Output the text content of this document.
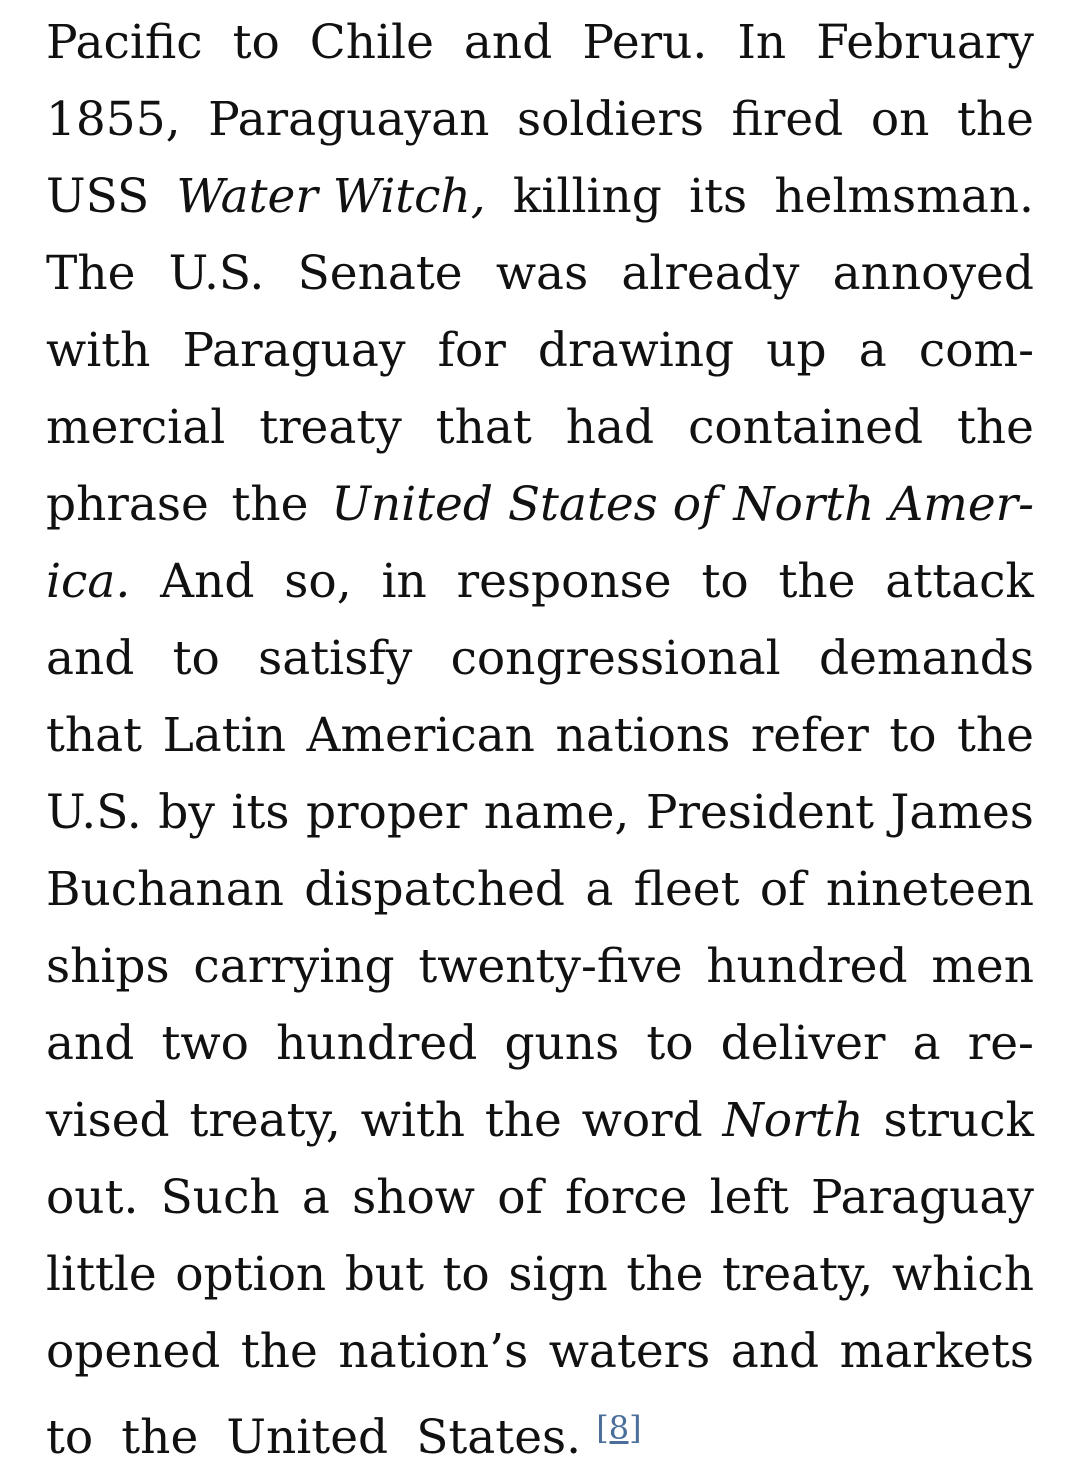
Pacific to Chile and Peru. In February
1855, Paraguayan soldiers fired on the
USS Water Witch, killing its helmsman.
The U.S. Senate was already annoyed
with Paraguay for drawing up a com-
mercial treaty that had contained the
phrase the United States of North Amer-
ica. And so, in response to the attack
and to satisfy congressional demands
that Latin American nations refer to the
U.S. by its proper name, President James
Buchanan dispatched a fleet of nineteen
ships carrying twenty-five hundred men
and two hundred guns to deliver a re-
vised treaty, with the word North struck
out. Such a show of force left Paraguay
little option but to sign the treaty, which
opened the nation’s waters and markets
to the United States. [8]
